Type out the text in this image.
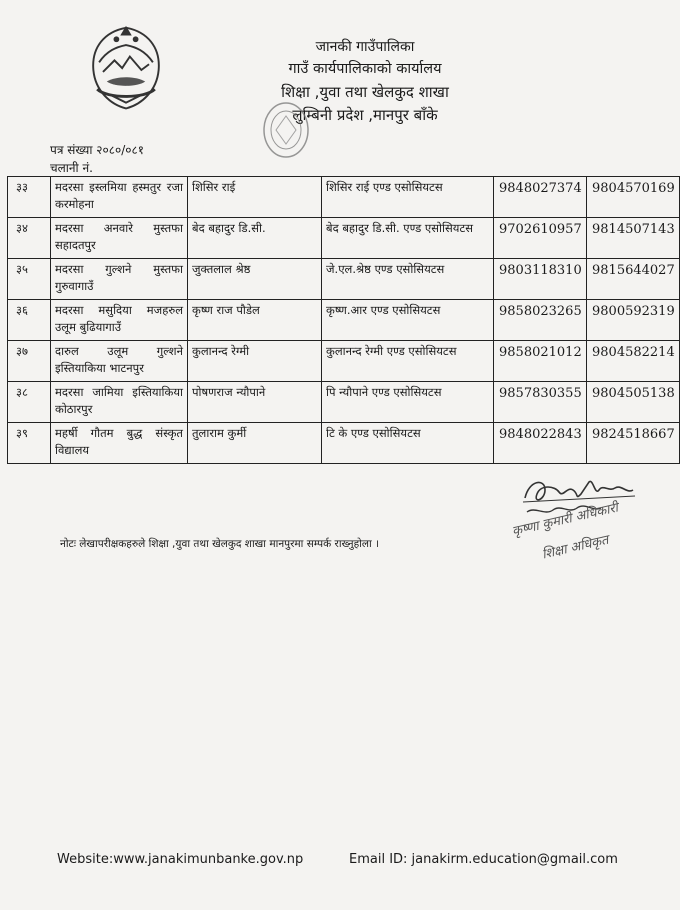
जानकी गाउँपालिका
गाउँ कार्यपालिकाको कार्यालय
शिक्षा ,युवा तथा खेलकुद शाखा
लुम्बिनी प्रदेश ,मानपुर बाँके
पत्र संख्या २०८०/०८१
चलानी नं.
३३	मदरसा इस्लमिया हस्मतुर रजा करमोहना	शिसिर राई	शिसिर राई एण्ड एसोसियटस	9848027374	9804570169
३४	मदरसा अनवारे मुस्तफा सहादतपुर	बेद बहादुर डि.सी.	बेद बहादुर डि.सी. एण्ड एसोसियटस	9702610957	9814507143
३५	मदरसा गुल्शने मुस्तफा गुरुवागाउँ	जुक्तलाल श्रेष्ठ	जे.एल.श्रेष्ठ एण्ड एसोसियटस	9803118310	9815644027
३६	मदरसा मसुदिया मजहरुल उलूम बुढियागाउँ	कृष्ण राज पौडेल	कृष्ण.आर एण्ड एसोसियटस	9858023265	9800592319
३७	दारुल उलूम गुल्शने इस्तियाकिया भाटनपुर	कुलानन्द रेग्मी	कुलानन्द रेग्मी एण्ड एसोसियटस	9858021012	9804582214
३८	मदरसा जामिया इस्तियाकिया कोठारपुर	पोषणराज न्यौपाने	पि न्यौपाने एण्ड एसोसियटस	9857830355	9804505138
३९	महर्षी गौतम बुद्ध संस्कृत विद्यालय	तुलाराम कुर्मी	टि के एण्ड एसोसियटस	9848022843	9824518667
कृष्णा कुमारी अधिकारी
शिक्षा अधिकृत
नोटः लेखापरीक्षकहरुले शिक्षा ,युवा तथा खेलकुद शाखा मानपुरमा सम्पर्क राख्नुहोला ।
Website:www.janakimunbanke.gov.np	Email ID: janakirm.education@gmail.com
